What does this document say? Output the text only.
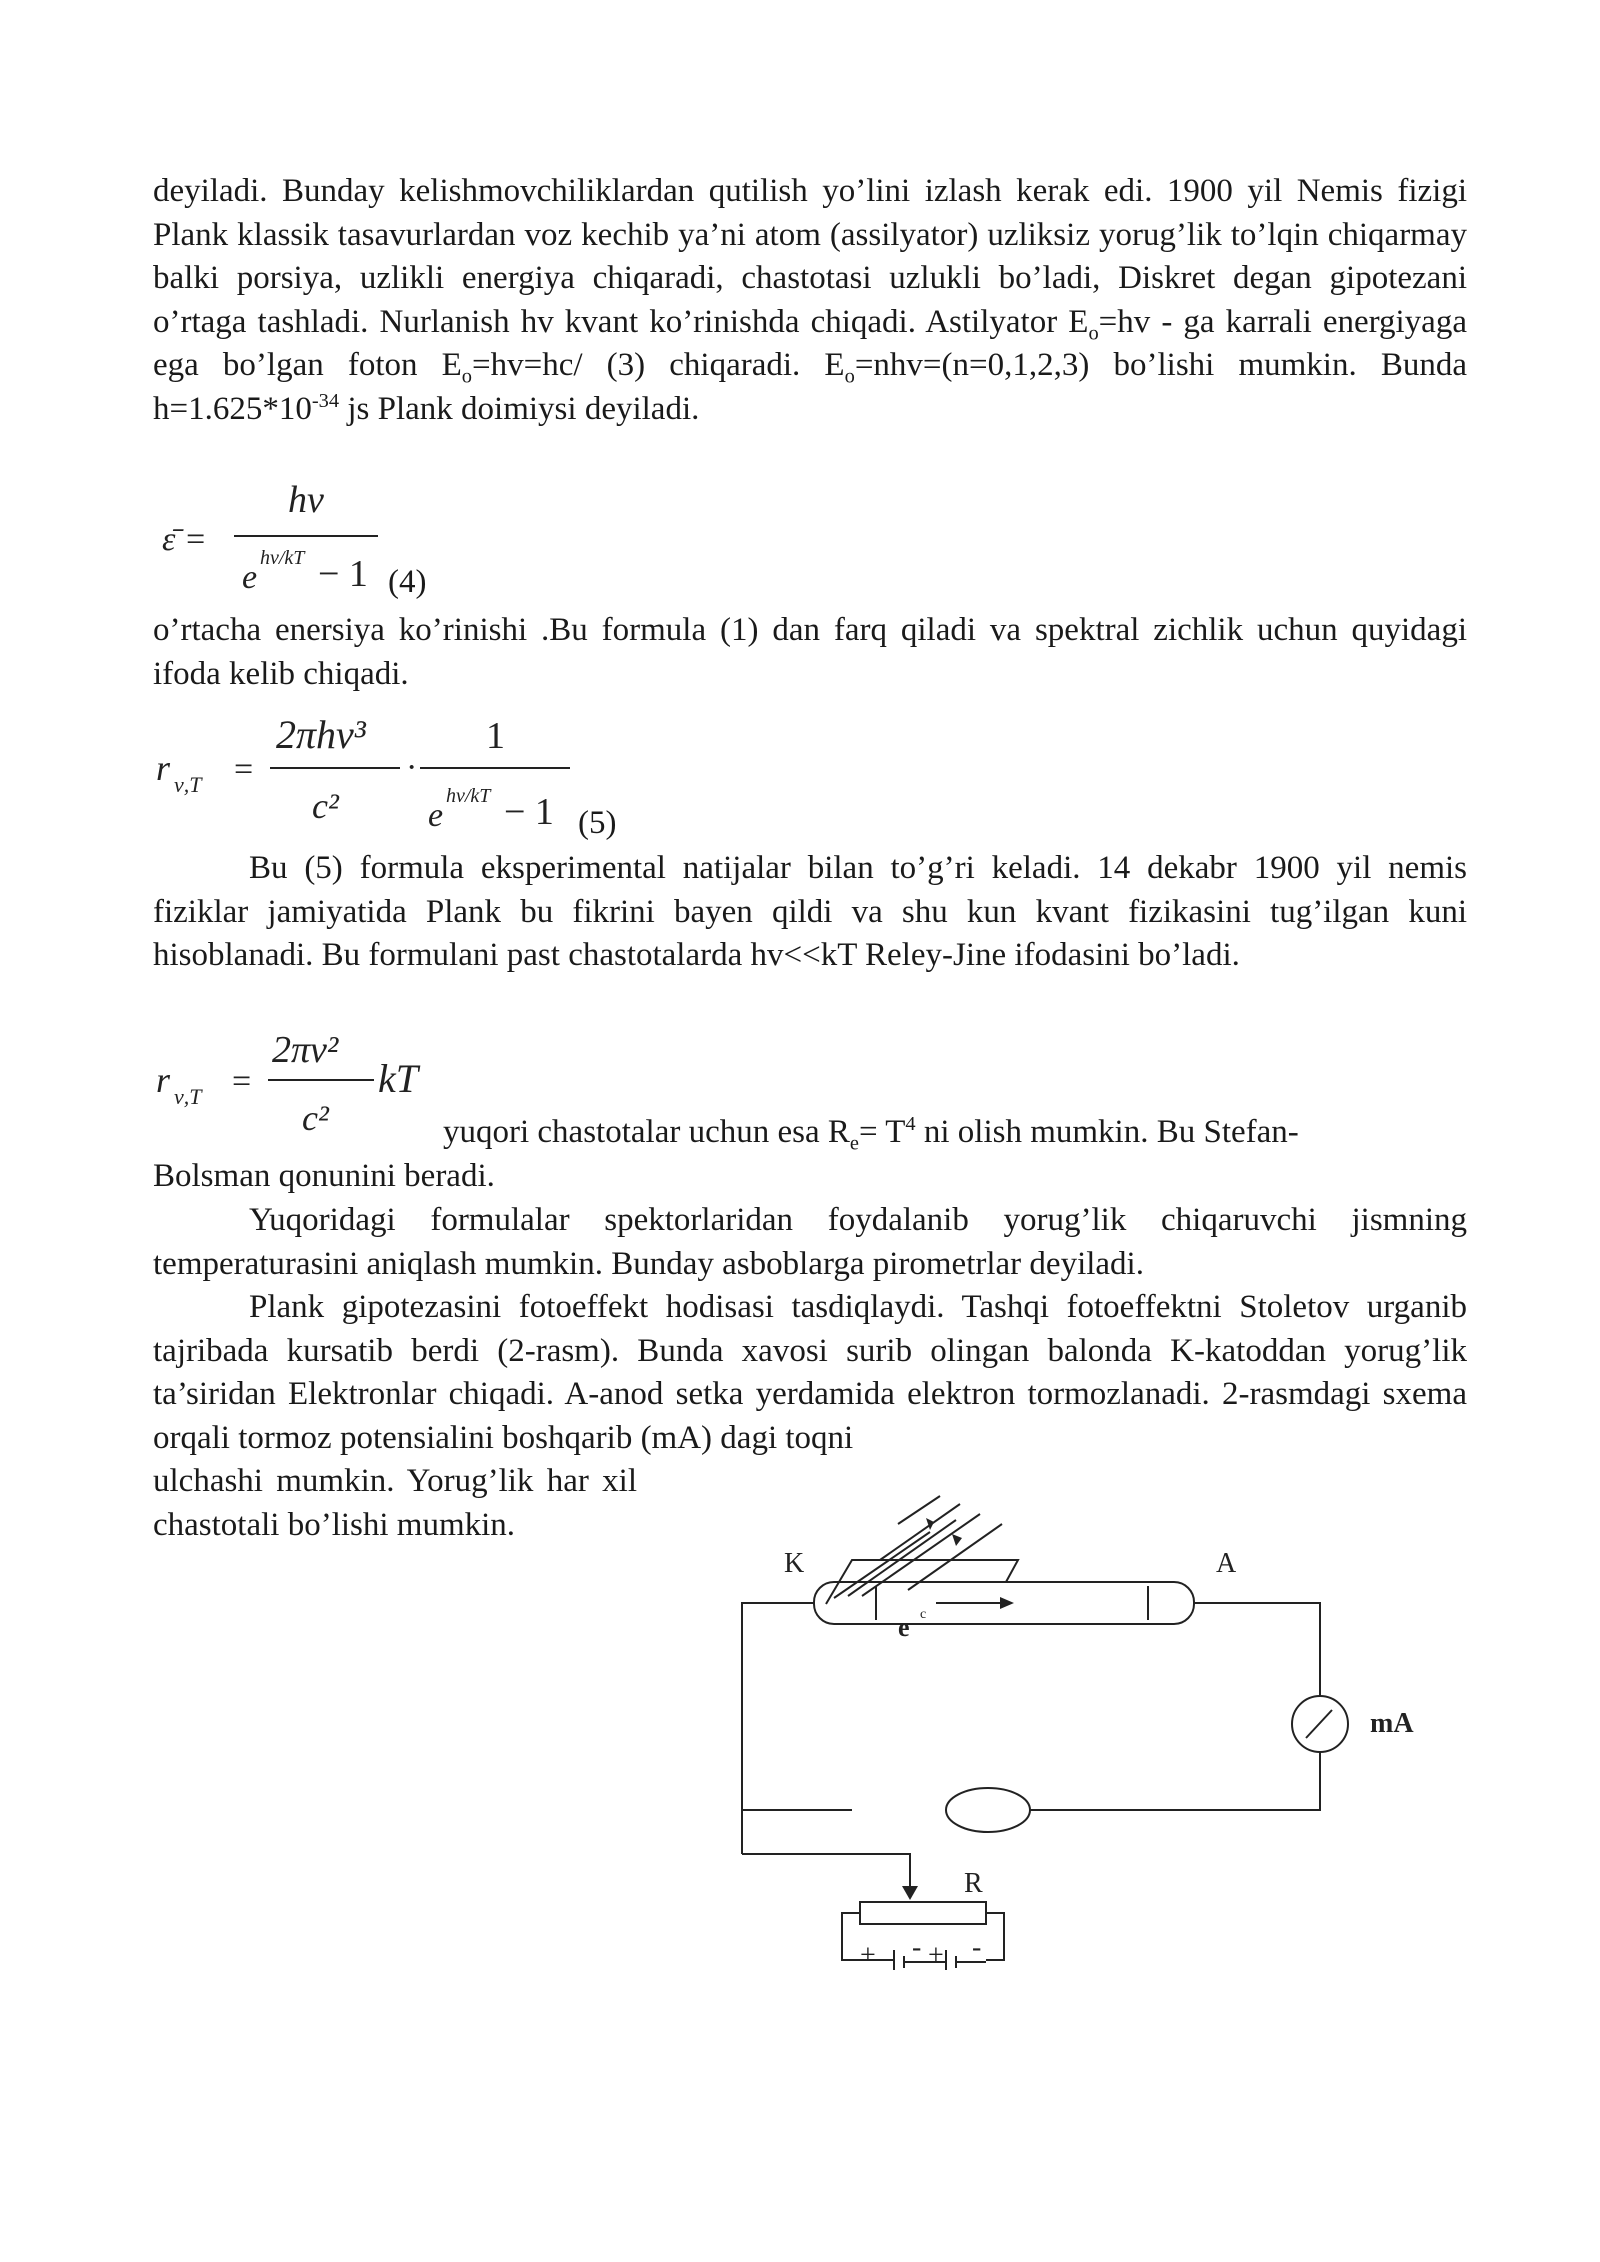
deyiladi. Bunday kelishmovchiliklardan qutilish yo’lini izlash kerak edi. 1900 yil Nemis fizigi Plank klassik tasavurlardan voz kechib ya’ni atom (assilyator) uzliksiz yorug’lik to’lqin chiqarmay balki porsiya, uzlikli energiya chiqaradi, chastotasi uzlukli bo’ladi, Diskret degan gipotezani o’rtaga tashladi. Nurlanish hv kvant ko’rinishda chiqadi. Astilyator $E_o=hv$ - ga karrali energiyaga ega bo’lgan foton $E_o=hv=hc/$ (3) chiqaradi. $E_o=nhv=(n=0,1,2,3)$ bo’lishi mumkin. Bunda $h=1.625*10^{-34}$ js Plank doimiysi deyiladi.

ε̄ =
hν
e
hν/kT − 1 (4)

o’rtacha enersiya ko’rinishi .Bu formula (1) dan farq qiladi va spektral zichlik uchun quyidagi ifoda kelib chiqadi.

r ν,T =
2πhν³
c²
·
1
e
hν/kT − 1 (5)

Bu (5) formula eksperimental natijalar bilan to’g’ri keladi. 14 dekabr 1900 yil nemis fiziklar jamiyatida Plank bu fikrini bayen qildi va shu kun kvant fizikasini tug’ilgan kuni hisoblanadi. Bu formulani past chastotalarda hv<<kT Reley-Jine ifodasini bo’ladi.

r ν,T =
2πν²
c²
kT
yuqori chastotalar uchun esa $R_e= T^4$ ni olish mumkin. Bu Stefan-
Bolsman qonunini beradi.

Yuqoridagi formulalar spektorlaridan foydalanib yorug’lik chiqaruvchi jismning temperaturasini aniqlash mumkin. Bunday asboblarga pirometrlar deyiladi.

Plank gipotezasini fotoeffekt hodisasi tasdiqlaydi. Tashqi fotoeffektni Stoletov urganib tajribada kursatib berdi (2-rasm). Bunda xavosi surib olingan balonda K-katoddan yorug’lik ta’siridan Elektronlar chiqadi. A-anod setka yerdamida elektron tormozlanadi. 2-rasmdagi sxema orqali tormoz potensialini boshqarib (mA) dagi toqni

ulchashi mumkin. Yorug’lik har xil chastotali bo’lishi mumkin.

K	A
e c
mA
R
+ - + -
